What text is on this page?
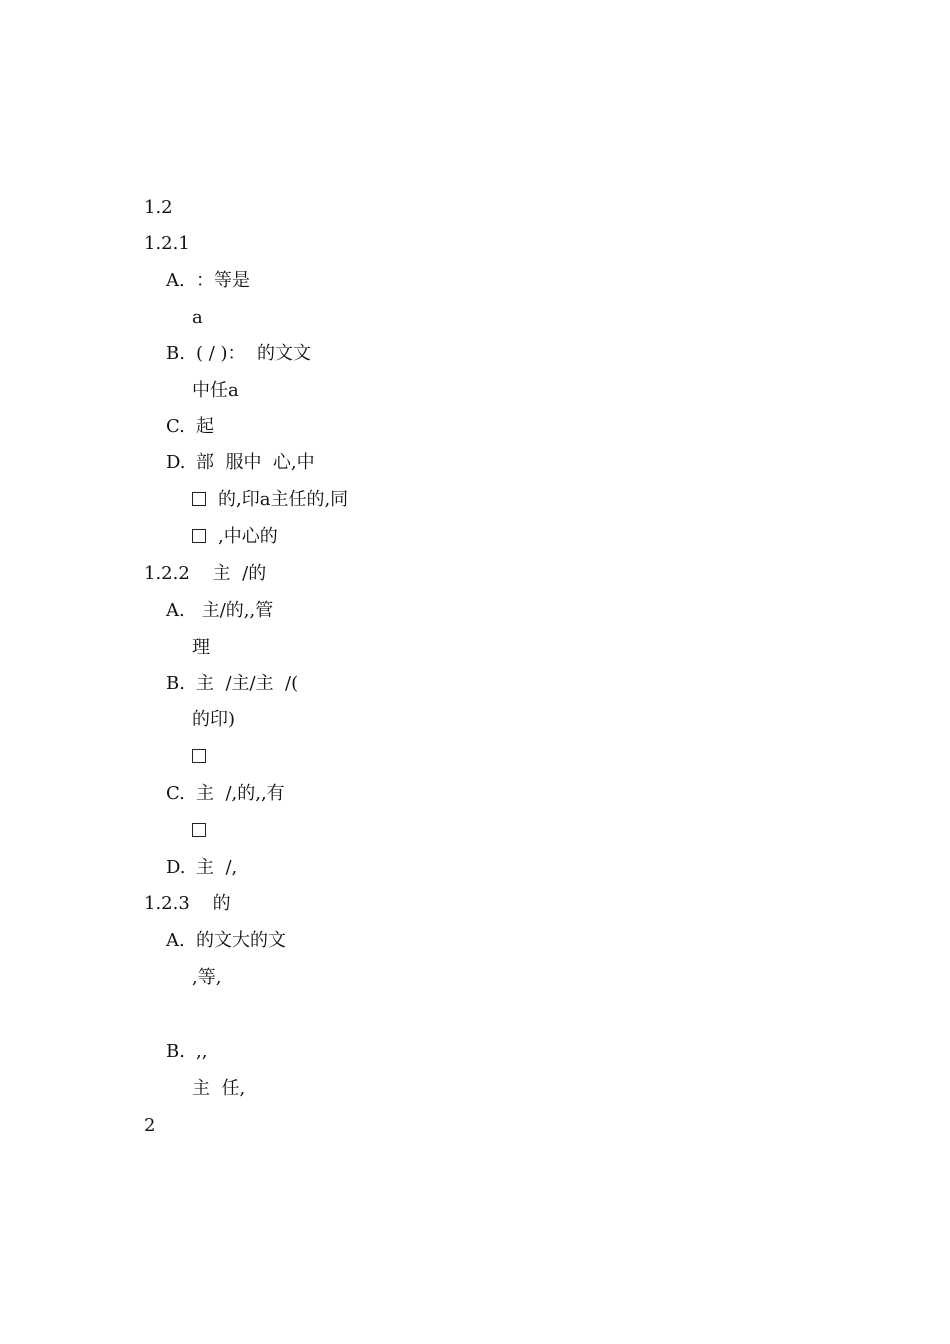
1.2
1.2.1
A. ：等是
a
B. ( / )：  的文文
中任a
C. 起
D. 部  服中  心,中
的,印a主任的,同
,中心的
1.2.2    主  /的
A. 主/的,,管
理
B. 主  /主/主  /(
的印)
C. 主  /,的,,有
D. 主  /,
1.2.3    的
A. 的文大的文
,等,
B. ,,
主  任,
2
